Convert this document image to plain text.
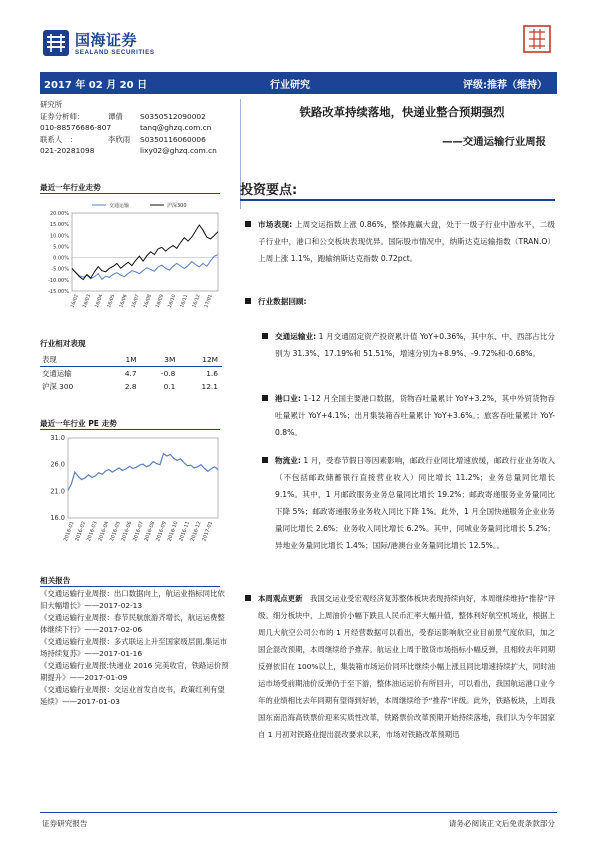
国海证券
SEALAND SECURITIES
2017 年 02 月 20 日	行业研究	评级:推荐（维持）
研究所
证券分析师：	谭倩 S0350512090002
010-88576686-807	tanq@ghzq.com.cn
联系人　：	李欣雨 S0350116060006
021-20281098	lixy02@ghzq.com.cn
最近一年行业走势
20.00%
15.00%
10.00%
5.00%
0.00%
-5.00%
-10.00%
-15.00%
16/02 16/03 16/04 16/05 16/06 16/07 16/08 16/09 16/10 16/11 16/12 17/01
交通运输	沪深300
行业相对表现
表现	1M	3M	12M
交通运输	4.7	-0.8	1.6
沪深 300	2.8	0.1	12.1
最近一年行业 PE 走势
31.0
26.0
21.0
16.0
2016-01
2016-02
2016-03
2016-04
2016-05
2016-06
2016-07
2016-08
2016-09
2016-10
2016-11
2016-12
2017-01
相关报告
《交通运输行业周报：出口数据向上，航运业指标同比依旧大幅增长》——2017-02-13
《交通运输行业周报：春节民航旅游齐增长，航运运费整体继续下行》——2017-02-06
《交通运输行业周报：多式联运上升至国家级层面,集运市场持续复苏》——2017-01-16
《交通运输行业周报:快递业 2016 完美收官，铁路运价预期提升》——2017-01-09
《交通运输行业周报：交运业首发自皮书，政策红利有望延续》——2017-01-03
铁路改革持续落地，快递业整合预期强烈
——交通运输行业周报
投资要点:
市场表现: 上周交运指数上涨 0.86%，整体跑赢大盘，处于一级子行业中游水平，二级子行业中，港口和公交板块表现优异。国际股市情况中，纳斯达克运输指数（TRAN.O）上周上涨 1.1%，跑输纳斯达克指数 0.72pct。
行业数据回顾:
交通运输业: 1 月交通固定资产投资累计值 YoY+0.36%，其中东、中、西部占比分别为 31.3%、17.19%和 51.51%，增速分别为+8.9%、-9.72%和-0.68%。
港口业: 1-12 月全国主要港口数据，货物吞吐量累计 YoY+3.2%，其中外贸货物吞吐量累计 YoY+4.1%；出月集装箱吞吐量累计 YoY+3.6%。；旅客吞吐量累计 YoY-0.8%。
物流业: 1 月，受春节假日等因素影响，邮政行业同比增速放缓，邮政行业业务收入（不包括邮政储蓄银行直接营业收入）同比增长 11.2%；业务总量同比增长 9.1%。其中，1 月邮政服务业务总量同比增长 19.2%；邮政寄递服务业务量同比下降 5%；邮政寄递服务业务收入同比下降 1%。此外，1 月全国快递服务企业业务量同比增长 2.6%；业务收入同比增长 6.2%。其中，同城业务量同比增长 5.2%；异地业务量同比增长 1.4%；国际/港澳台业务量同比增长 12.5%。。
本周观点更新　 我国交运业受宏观经济复苏整体板块表现持续向好，本周继续维持“推荐”评级。细分板块中，上周油价小幅下跌且人民币汇率大幅升值，整体利好航空机场业，根据上周几大航空公司公布的 1 月经营数据可以看出，受春运影响航空业目前景气度依旧，加之国企混改预期，本周继续给予推荐。航运业上周干散货市场指标小幅反弹，且相较去年同期反弹依旧在 100%以上，集装箱市场运价同环比继续小幅上涨且同比增速持续扩大，同时油运市场受前期油价反弹仍于至下游，整体油运运价有所回升，可以看出，我国航运港口业今年的业绩相比去年同期有望得到好转，本周继续给予“推荐”评级。此外，铁路板块，上周我国东南沿海高铁票价迎来实质性改革，铁路票价改革预期开始持续落地，我们认为今年国家自 1 月初对铁路业提出混改要求以来，市场对铁路改革预期迅
证券研究报告	请务必阅读正文后免责条款部分
